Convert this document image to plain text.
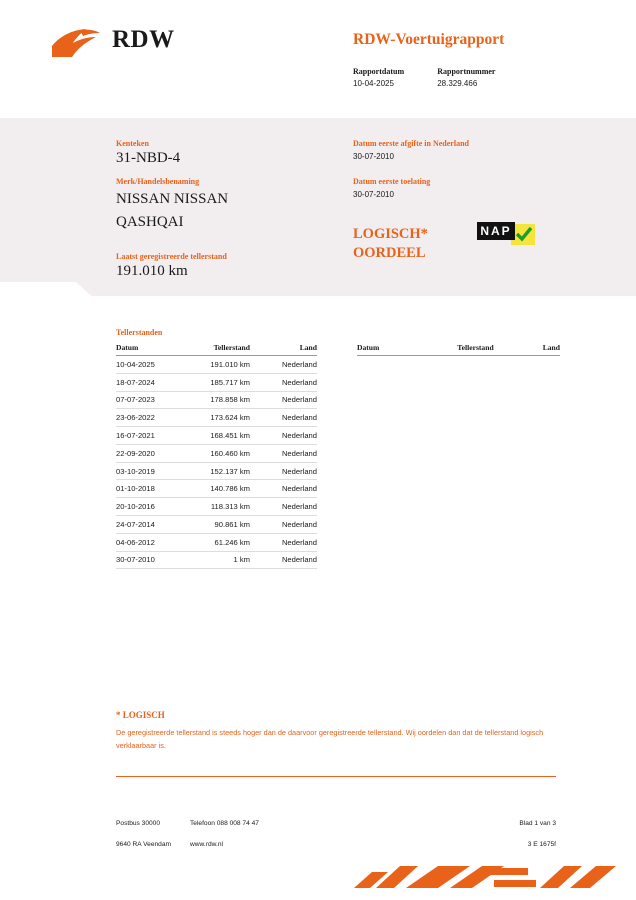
RDW	RDW-Voertuigrapport
Rapportdatum
10-04-2025

Rapportnummer
28.329.466
Kenteken
31-NBD-4
Merk/Handelsbenaming
NISSAN NISSAN
QASHQAI
Laatst geregistreerde tellerstand
191.010 km
Datum eerste afgifte in Nederland
30-07-2010
Datum eerste toelating
30-07-2010
LOGISCH*
OORDEEL
NAP
Tellerstanden
Datum	Tellerstand	Land
10-04-2025	191.010 km	Nederland
18-07-2024	185.717 km	Nederland
07-07-2023	178.858 km	Nederland
23-06-2022	173.624 km	Nederland
16-07-2021	168.451 km	Nederland
22-09-2020	160.460 km	Nederland
03-10-2019	152.137 km	Nederland
01-10-2018	140.786 km	Nederland
20-10-2016	118.313 km	Nederland
24-07-2014	90.861 km	Nederland
04-06-2012	61.246 km	Nederland
30-07-2010	1 km	Nederland
Datum	Tellerstand	Land
* LOGISCH
De geregistreerde tellerstand is steeds hoger dan de daarvoor geregistreerde tellerstand. Wij oordelen dan dat de tellerstand logisch verklaarbaar is.
Postbus 30000	Telefoon 088 008 74 47	Blad 1 van 3
9640 RA Veendam	www.rdw.nl	3 E 1675f
